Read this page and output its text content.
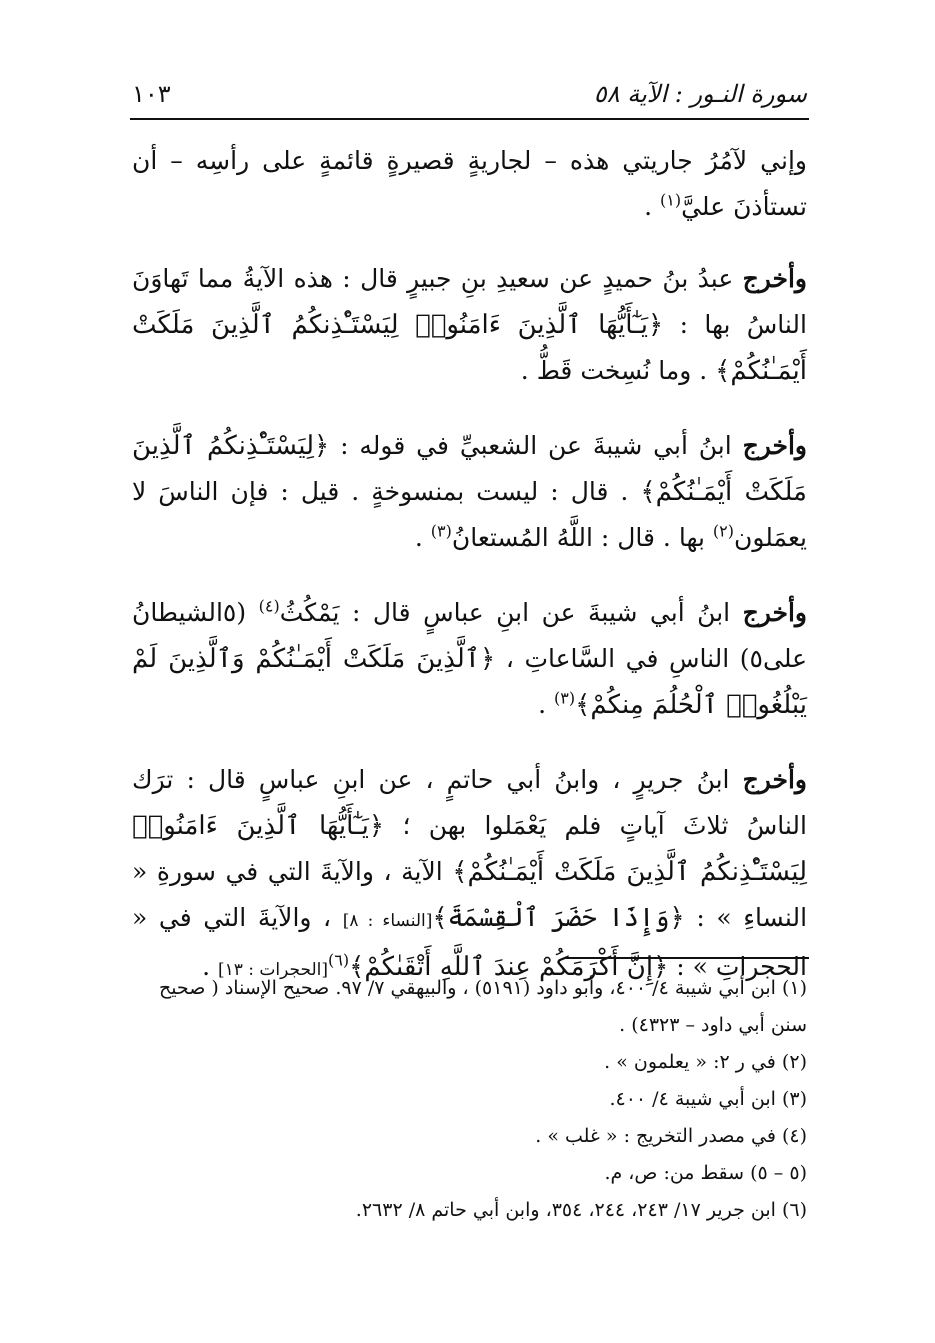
سورة النـور : الآية ٥٨
١٠٣

وإني لآمُرُ جاريتي هذه – لجاريةٍ قصيرةٍ قائمةٍ على رأسِه – أن تستأذنَ عليَّ$^{(١)}$ .

وأخرج عبدُ بنُ حميدٍ عن سعيدِ بنِ جبيرٍ قال : هذه الآيةُ مما تَهاوَنَ الناسُ بها : ﴿يَـٰٓأَيُّهَا ٱلَّذِينَ ءَامَنُوا۟ لِيَسْتَـْٔذِنكُمُ ٱلَّذِينَ مَلَكَتْ أَيْمَـٰنُكُمْ﴾ . وما نُسِخت قَطُّ .

وأخرج ابنُ أبي شيبةَ عن الشعبيِّ في قوله : ﴿لِيَسْتَـْٔذِنكُمُ ٱلَّذِينَ مَلَكَتْ أَيْمَـٰنُكُمْ﴾ . قال : ليست بمنسوخةٍ . قيل : فإن الناسَ لا يعمَلون$^{(٢)}$ بها . قال : اللَّهُ المُستعانُ$^{(٣)}$ .

وأخرج ابنُ أبي شيبةَ عن ابنِ عباسٍ قال : يَمْكُثُ$^{(٤)}$ (٥الشيطانُ على٥) الناسِ في السَّاعاتِ ، ﴿ٱلَّذِينَ مَلَكَتْ أَيْمَـٰنُكُمْ وَٱلَّذِينَ لَمْ يَبْلُغُوا۟ ٱلْحُلُمَ مِنكُمْ﴾$^{(٣)}$ .

وأخرج ابنُ جريرٍ ، وابنُ أبي حاتمٍ ، عن ابنِ عباسٍ قال : ترَك الناسُ ثلاثَ آياتٍ فلم يَعْمَلوا بهن ؛ ﴿يَـٰٓأَيُّهَا ٱلَّذِينَ ءَامَنُوا۟ لِيَسْتَـْٔذِنكُمُ ٱلَّذِينَ مَلَكَتْ أَيْمَـٰنُكُمْ﴾ الآية ، والآيةَ التي في سورةِ « النساءِ » : ﴿وَإِذَا حَضَرَ ٱلْقِسْمَةَ﴾[النساء : ٨] ، والآيةَ التي في « الحجراتِ » : ﴿إِنَّ أَكْرَمَكُمْ عِندَ ٱللَّهِ أَتْقَىٰكُمْ﴾$^{(٦)}$[الحجرات : ١٣] .

(١) ابن أبي شيبة ٤/ ٤٠٠، وأبو داود (٥١٩١) ، والبيهقي ٧/ ٩٧. صحيح الإسناد ( صحيح سنن أبي داود – ٤٣٢٣) .

(٢) في ر ٢: « يعلمون » .

(٣) ابن أبي شيبة ٤/ ٤٠٠.

(٤) في مصدر التخريج : « غلب » .

(٥ – ٥) سقط من: ص، م.

(٦) ابن جرير ١٧/ ٢٤٣، ٢٤٤، ٣٥٤، وابن أبي حاتم ٨/ ٢٦٣٢.
